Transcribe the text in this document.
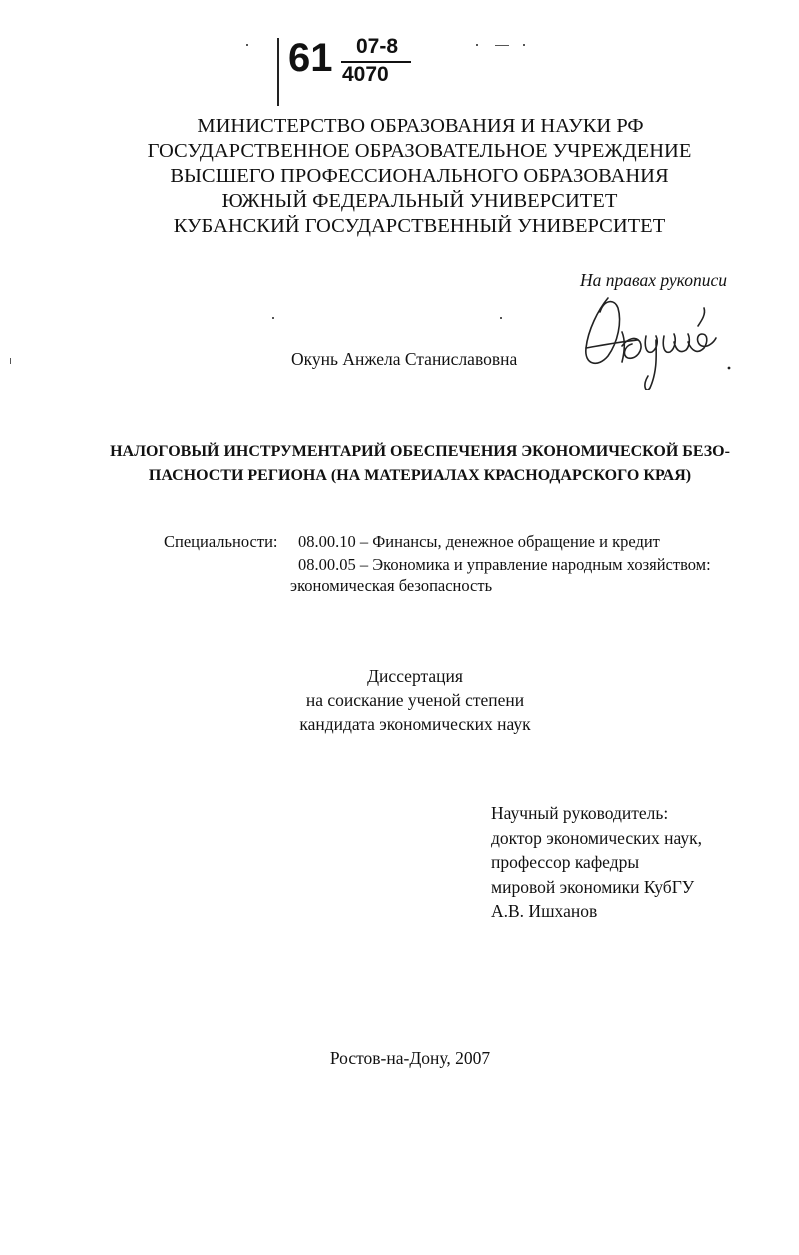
61 07-8
4070
МИНИСТЕРСТВО ОБРАЗОВАНИЯ И НАУКИ РФ
ГОСУДАРСТВЕННОЕ ОБРАЗОВАТЕЛЬНОЕ УЧРЕЖДЕНИЕ
ВЫСШЕГО ПРОФЕССИОНАЛЬНОГО ОБРАЗОВАНИЯ
ЮЖНЫЙ ФЕДЕРАЛЬНЫЙ УНИВЕРСИТЕТ
КУБАНСКИЙ ГОСУДАРСТВЕННЫЙ УНИВЕРСИТЕТ
На правах рукописи
Окунь Анжела Станиславовна
НАЛОГОВЫЙ ИНСТРУМЕНТАРИЙ ОБЕСПЕЧЕНИЯ ЭКОНОМИЧЕСКОЙ БЕЗО-
ПАСНОСТИ РЕГИОНА (НА МАТЕРИАЛАХ КРАСНОДАРСКОГО КРАЯ)
Специальности: 08.00.10 – Финансы, денежное обращение и кредит
08.00.05 – Экономика и управление народным хозяйством:
экономическая безопасность
Диссертация
на соискание ученой степени
кандидата экономических наук
Научный руководитель:
доктор экономических наук,
профессор кафедры
мировой экономики КубГУ
А.В. Ишханов
Ростов-на-Дону, 2007
